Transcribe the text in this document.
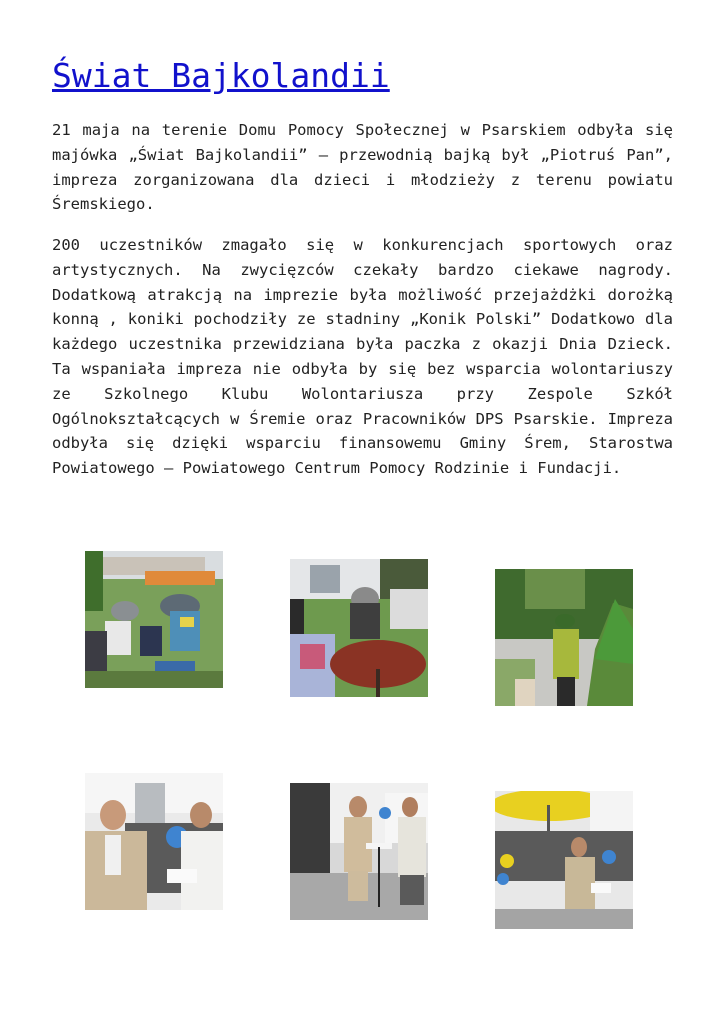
Świat Bajkolandii

21 maja na terenie Domu Pomocy Społecznej w Psarskiem odbyła się majówka „Świat Bajkolandii” – przewodnią bajką był „Piotruś Pan”, impreza zorganizowana dla dzieci i młodzieży z terenu powiatu Śremskiego.

200 uczestników zmagało się w konkurencjach sportowych oraz artystycznych. Na zwycięzców czekały bardzo ciekawe nagrody. Dodatkową atrakcją na imprezie była możliwość przejażdżki dorożką konną , koniki pochodziły ze stadniny „Konik Polski” Dodatkowo dla każdego uczestnika przewidziana była paczka z okazji Dnia Dzieck. Ta wspaniała impreza nie odbyła by się bez wsparcia wolontariuszy ze Szkolnego Klubu Wolontariusza przy Zespole Szkół Ogólnokształcących w Śremie oraz Pracowników DPS Psarskie. Impreza odbyła się dzięki wsparciu finansowemu Gminy Śrem, Starostwa Powiatowego – Powiatowego Centrum Pomocy Rodzinie i Fundacji.
